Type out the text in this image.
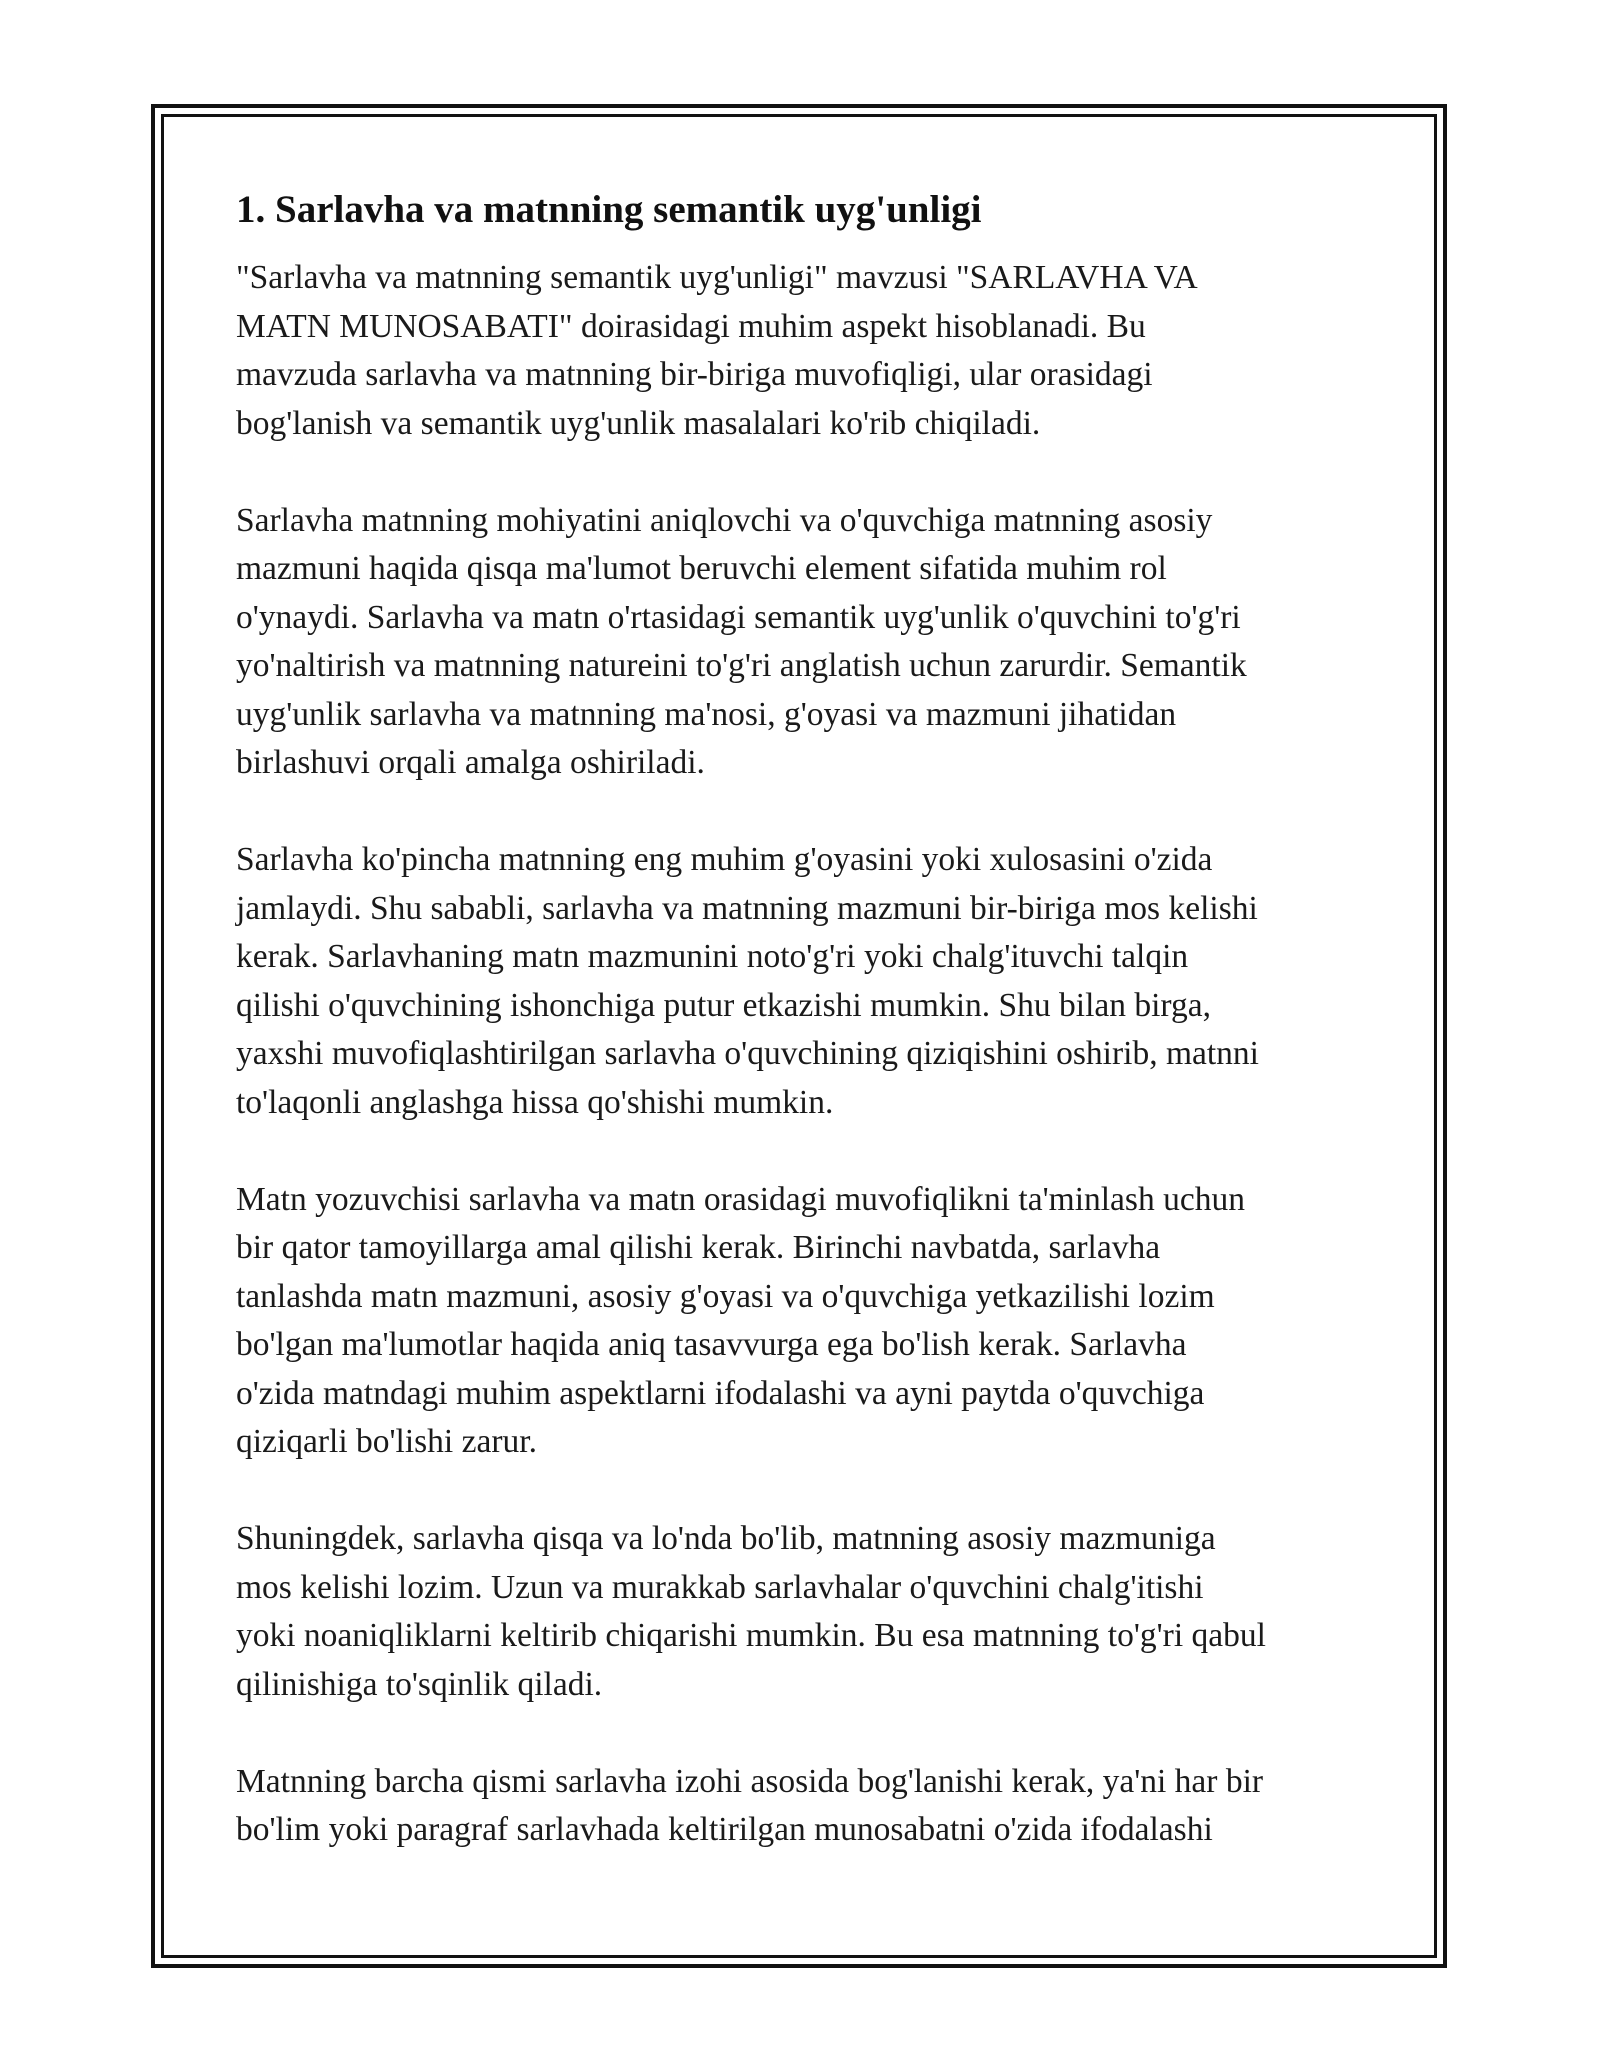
1. Sarlavha va matnning semantik uyg'unligi

"Sarlavha va matnning semantik uyg'unligi" mavzusi "SARLAVHA VA
MATN MUNOSABATI" doirasidagi muhim aspekt hisoblanadi. Bu
mavzuda sarlavha va matnning bir-biriga muvofiqligi, ular orasidagi
bog'lanish va semantik uyg'unlik masalalari ko'rib chiqiladi.

Sarlavha matnning mohiyatini aniqlovchi va o'quvchiga matnning asosiy
mazmuni haqida qisqa ma'lumot beruvchi element sifatida muhim rol
o'ynaydi. Sarlavha va matn o'rtasidagi semantik uyg'unlik o'quvchini to'g'ri
yo'naltirish va matnning natureini to'g'ri anglatish uchun zarurdir. Semantik
uyg'unlik sarlavha va matnning ma'nosi, g'oyasi va mazmuni jihatidan
birlashuvi orqali amalga oshiriladi.

Sarlavha ko'pincha matnning eng muhim g'oyasini yoki xulosasini o'zida
jamlaydi. Shu sababli, sarlavha va matnning mazmuni bir-biriga mos kelishi
kerak. Sarlavhaning matn mazmunini noto'g'ri yoki chalg'ituvchi talqin
qilishi o'quvchining ishonchiga putur etkazishi mumkin. Shu bilan birga,
yaxshi muvofiqlashtirilgan sarlavha o'quvchining qiziqishini oshirib, matnni
to'laqonli anglashga hissa qo'shishi mumkin.

Matn yozuvchisi sarlavha va matn orasidagi muvofiqlikni ta'minlash uchun
bir qator tamoyillarga amal qilishi kerak. Birinchi navbatda, sarlavha
tanlashda matn mazmuni, asosiy g'oyasi va o'quvchiga yetkazilishi lozim
bo'lgan ma'lumotlar haqida aniq tasavvurga ega bo'lish kerak. Sarlavha
o'zida matndagi muhim aspektlarni ifodalashi va ayni paytda o'quvchiga
qiziqarli bo'lishi zarur.

Shuningdek, sarlavha qisqa va lo'nda bo'lib, matnning asosiy mazmuniga
mos kelishi lozim. Uzun va murakkab sarlavhalar o'quvchini chalg'itishi
yoki noaniqliklarni keltirib chiqarishi mumkin. Bu esa matnning to'g'ri qabul
qilinishiga to'sqinlik qiladi.

Matnning barcha qismi sarlavha izohi asosida bog'lanishi kerak, ya'ni har bir
bo'lim yoki paragraf sarlavhada keltirilgan munosabatni o'zida ifodalashi
